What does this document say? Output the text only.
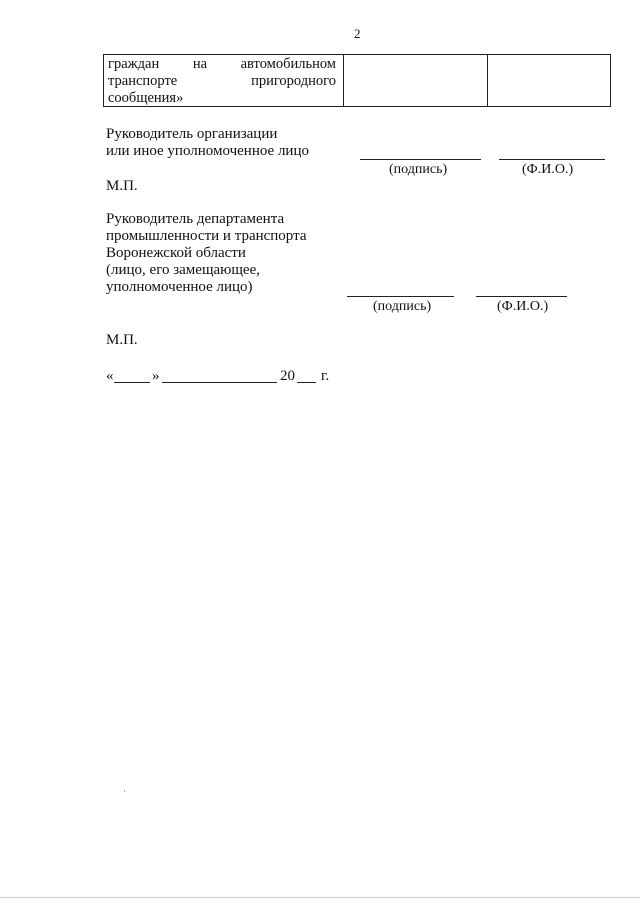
2
граждан на автомобильном
транспорте	пригородного
сообщения»
Руководитель организации
или иное уполномоченное лицо
(подпись)	(Ф.И.О.)
М.П.
Руководитель департамента
промышленности и транспорта
Воронежской области
(лицо, его замещающее,
уполномоченное лицо)
(подпись)	(Ф.И.О.)
М.П.
«	»	20 г.
